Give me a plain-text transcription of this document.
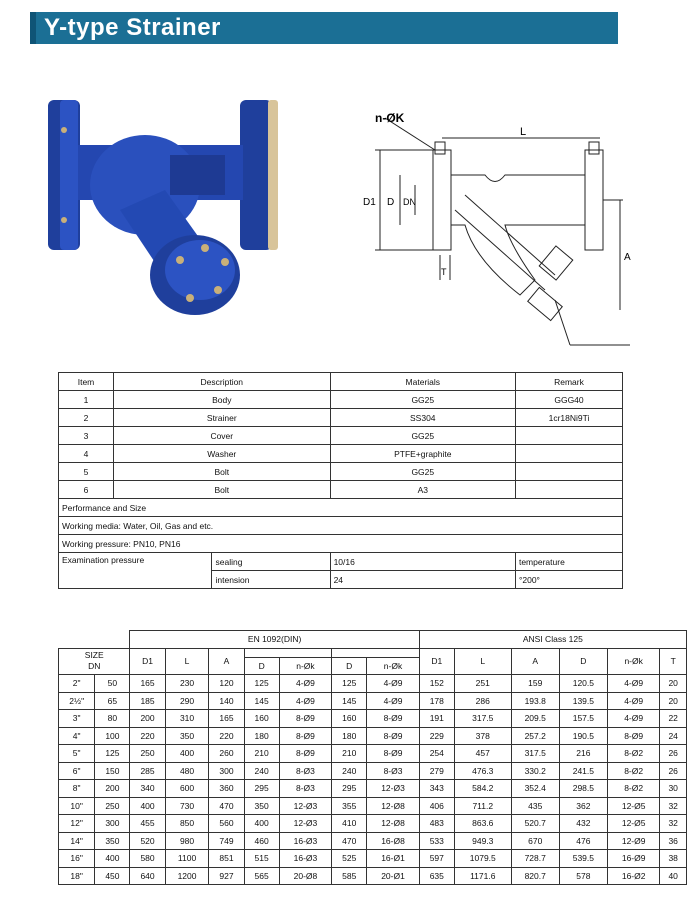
Y-type Strainer
n-ØK
L
D1 D DN
T
A
Item	Description		Materials	Remark
1	Body		GG25	GGG40
2	Strainer		SS304	1cr18Ni9Ti
3	Cover		GG25	
4	Washer		PTFE+graphite	
5	Bolt		GG25	
6	Bolt		A3	
Performance and Size				
Working media: Water, Oil, Gas and etc.				
Working pressure: PN10, PN16				
Examination pressure		sealing	10/16	temperature
		intension	24	°200°
		EN 1092(DIN)							ANSI Class 125					
SIZE
DN		D1	L	A					D1	L	A	D	n-Øk	T
					D	n-Øk	D	n-Øk						
2"	50	165	230	120	125	4-Ø9	125	4-Ø9	152	251	159	120.5	4-Ø9	20
2½"	65	185	290	140	145	4-Ø9	145	4-Ø9	178	286	193.8	139.5	4-Ø9	20
3"	80	200	310	165	160	8-Ø9	160	8-Ø9	191	317.5	209.5	157.5	4-Ø9	22
4"	100	220	350	220	180	8-Ø9	180	8-Ø9	229	378	257.2	190.5	8-Ø9	24
5"	125	250	400	260	210	8-Ø9	210	8-Ø9	254	457	317.5	216	8-Ø2	26
6"	150	285	480	300	240	8-Ø3	240	8-Ø3	279	476.3	330.2	241.5	8-Ø2	26
8"	200	340	600	360	295	8-Ø3	295	12-Ø3	343	584.2	352.4	298.5	8-Ø2	30
10"	250	400	730	470	350	12-Ø3	355	12-Ø8	406	711.2	435	362	12-Ø5	32
12"	300	455	850	560	400	12-Ø3	410	12-Ø8	483	863.6	520.7	432	12-Ø5	32
14"	350	520	980	749	460	16-Ø3	470	16-Ø8	533	949.3	670	476	12-Ø9	36
16"	400	580	1100	851	515	16-Ø3	525	16-Ø1	597	1079.5	728.7	539.5	16-Ø9	38
18"	450	640	1200	927	565	20-Ø8	585	20-Ø1	635	1171.6	820.7	578	16-Ø2	40
